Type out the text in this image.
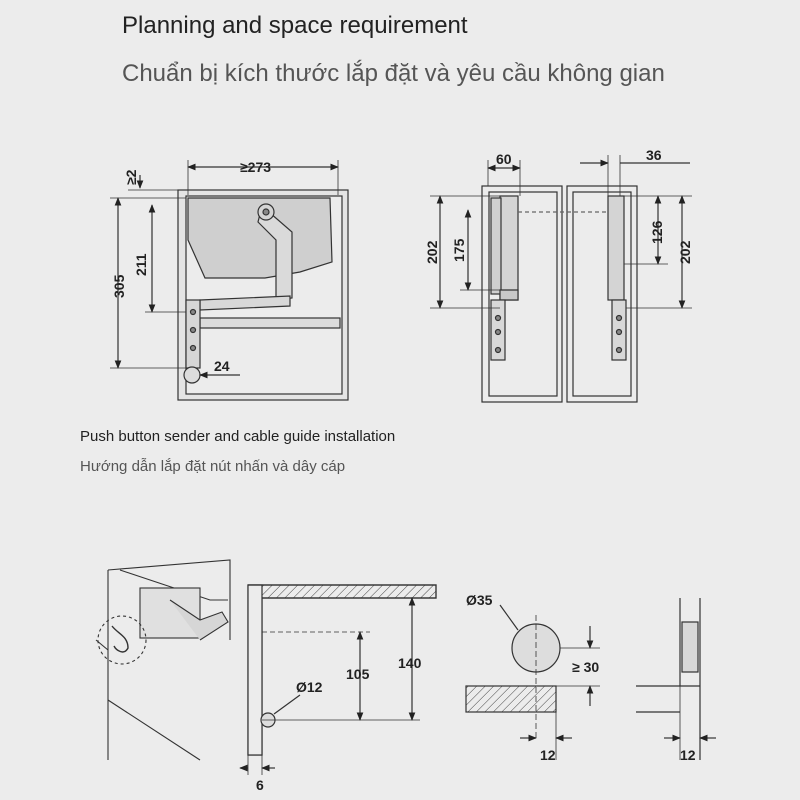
Planning and space requirement
Chuẩn bị kích thước lắp đặt và yêu cầu không gian
Push button sender and cable guide installation
Hướng dẫn lắp đặt nút nhấn và dây cáp
≥273
≥2
305
211
24
60	36
202 175
126
202
140
105
Ø12
6
Ø35
≥ 30
12	12
